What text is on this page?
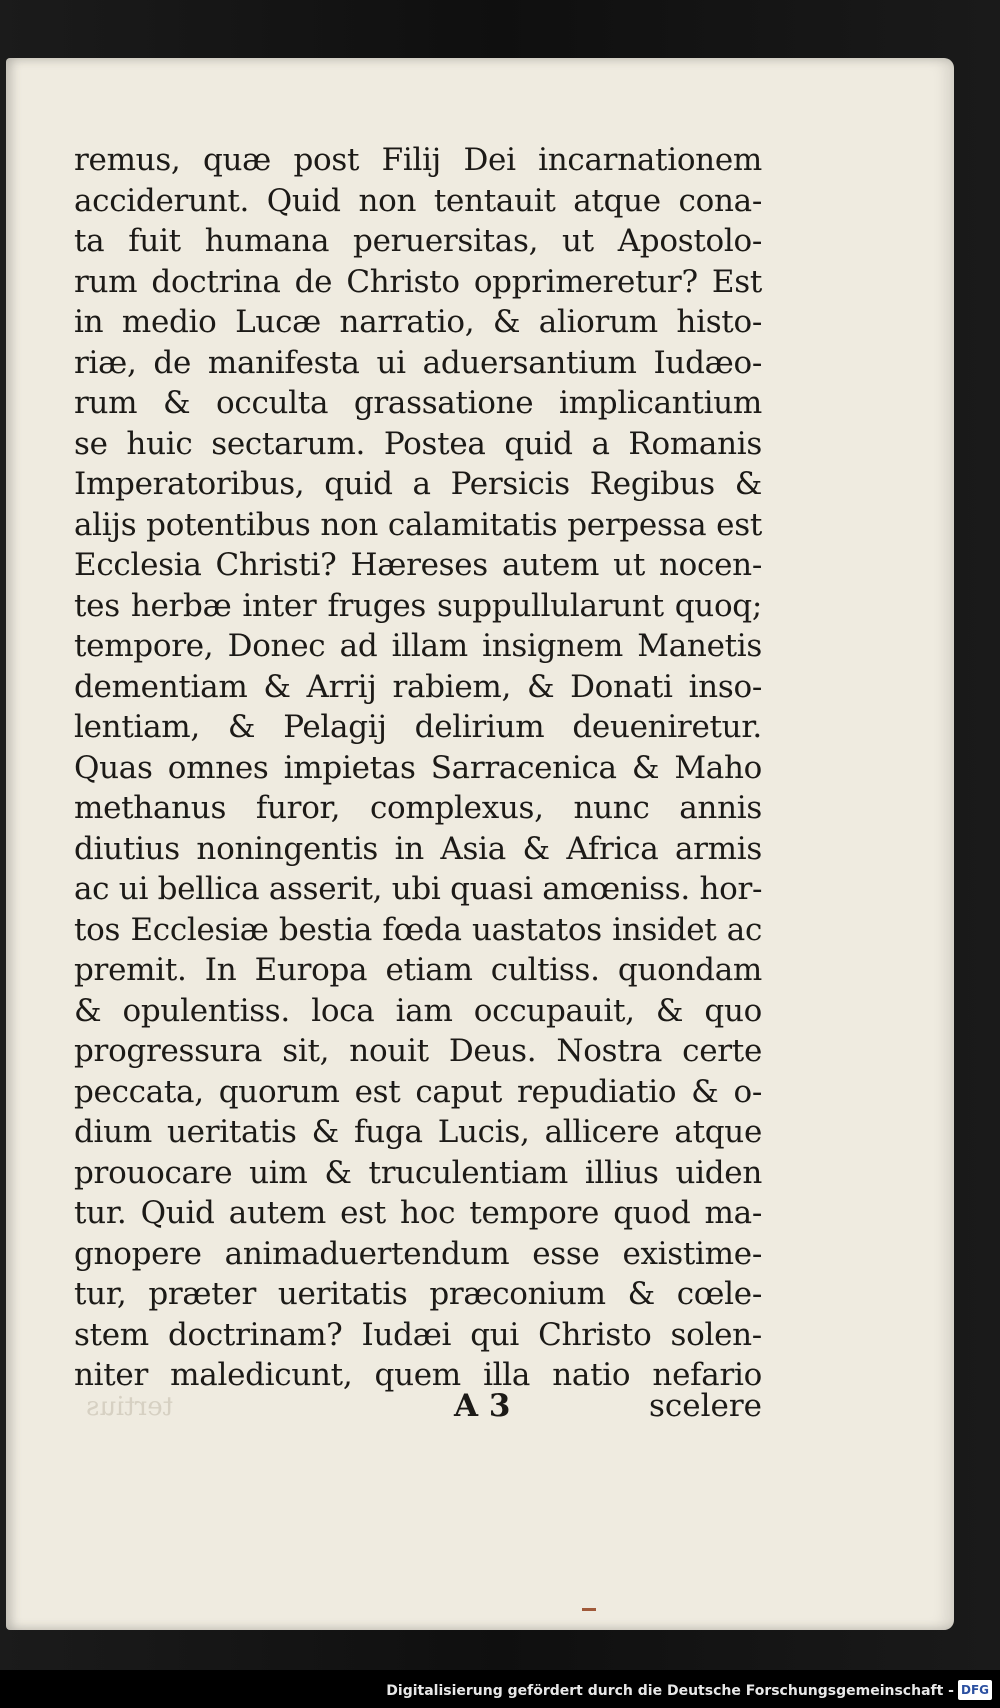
remus, quæ post Filij Dei incarnationem
acciderunt. Quid non tentauit atque cona-
ta fuit humana peruersitas, ut Apostolo-
rum doctrina de Christo opprimeretur? Est
in medio Lucæ narratio, & aliorum histo-
riæ, de manifesta ui aduersantium Iudæo-
rum & occulta grassatione implicantium
se huic sectarum. Postea quid a Romanis
Imperatoribus, quid a Persicis Regibus &
alijs potentibus non calamitatis perpessa est
Ecclesia Christi? Hæreses autem ut nocen-
tes herbæ inter fruges suppullularunt quoq;
tempore, Donec ad illam insignem Manetis
dementiam & Arrij rabiem, & Donati inso-
lentiam, & Pelagij delirium deueniretur.
Quas omnes impietas Sarracenica & Maho
methanus furor, complexus, nunc annis
diutius noningentis in Asia & Africa armis
ac ui bellica asserit, ubi quasi amœniss. hor-
tos Ecclesiæ bestia fœda uastatos insidet ac
premit. In Europa etiam cultiss. quondam
& opulentiss. loca iam occupauit, & quo
progressura sit, nouit Deus. Nostra certe
peccata, quorum est caput repudiatio & o-
dium ueritatis & fuga Lucis, allicere atque
prouocare uim & truculentiam illius uiden
tur. Quid autem est hoc tempore quod ma-
gnopere animaduertendum esse existime-
tur, præter ueritatis præconium & cœle-
stem doctrinam? Iudæi qui Christo solen-
niter maledicunt, quem illa natio nefario
tertius	A 3	scelere
Digitalisierung gefördert durch die Deutsche Forschungsgemeinschaft - DFG
